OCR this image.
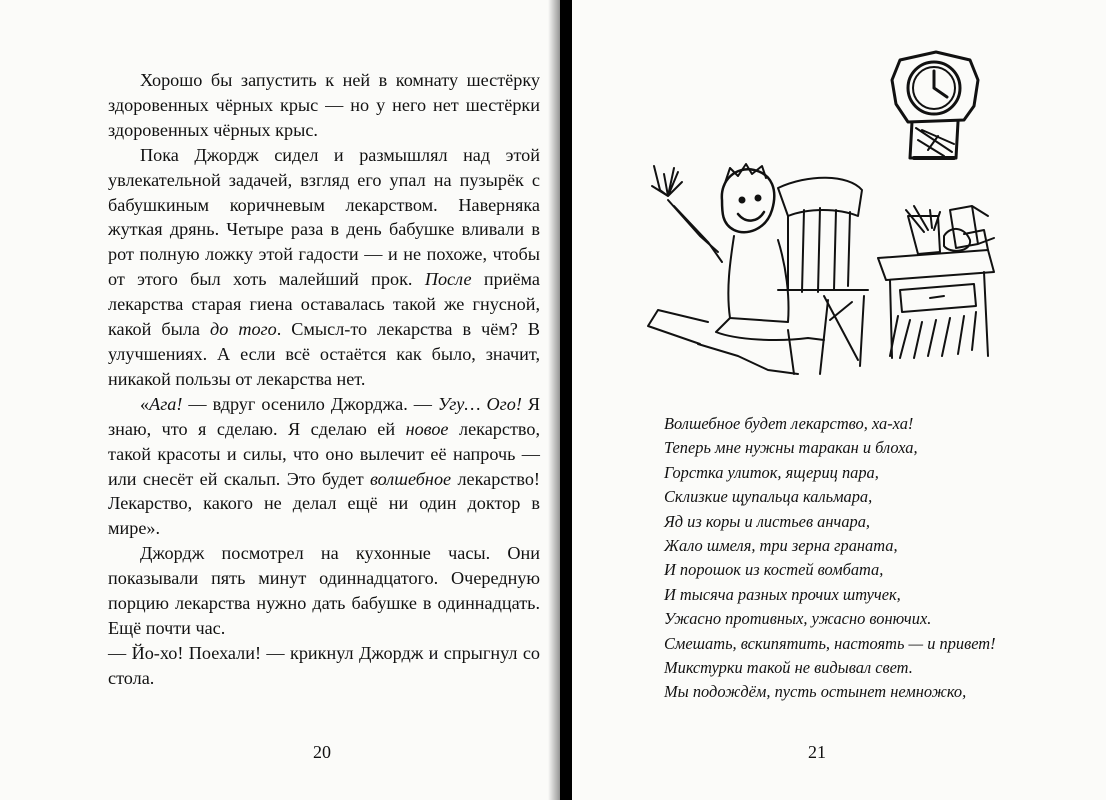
Хорошо бы запустить к ней в комнату шестёрку здоровенных чёрных крыс — но у него нет шестёрки здоровенных чёрных крыс.

Пока Джордж сидел и размышлял над этой увлекательной задачей, взгляд его упал на пузырёк с бабушкиным коричневым лекарством. Наверняка жуткая дрянь. Четыре раза в день бабушке вливали в рот полную ложку этой гадости — и не похоже, чтобы от этого был хоть малейший прок. После приёма лекарства старая гиена оставалась такой же гнусной, какой была до того. Смысл-то лекарства в чём? В улучшениях. А если всё остаётся как было, значит, никакой пользы от лекарства нет.

«Ага! — вдруг осенило Джорджа. — Угу… Ого! Я знаю, что я сделаю. Я сделаю ей новое лекарство, такой красоты и силы, что оно вылечит её напрочь — или снесёт ей скальп. Это будет волшебное лекарство! Лекарство, какого не делал ещё ни один доктор в мире».

Джордж посмотрел на кухонные часы. Они показывали пять минут одиннадцатого. Очередную порцию лекарства нужно дать бабушке в одиннадцать. Ещё почти час.

— Йо-хо! Поехали! — крикнул Джордж и спрыгнул со стола.

20
Волшебное будет лекарство, ха-ха!
Теперь мне нужны таракан и блоха,
Горстка улиток, ящериц пара,
Склизкие щупальца кальмара,
Яд из коры и листьев анчара,
Жало шмеля, три зерна граната,
И порошок из костей вомбата,
И тысяча разных прочих штучек,
Ужасно противных, ужасно вонючих.
Смешать, вскипятить, настоять — и привет!
Микстурки такой не видывал свет.
Мы подождём, пусть остынет немножко,
21
